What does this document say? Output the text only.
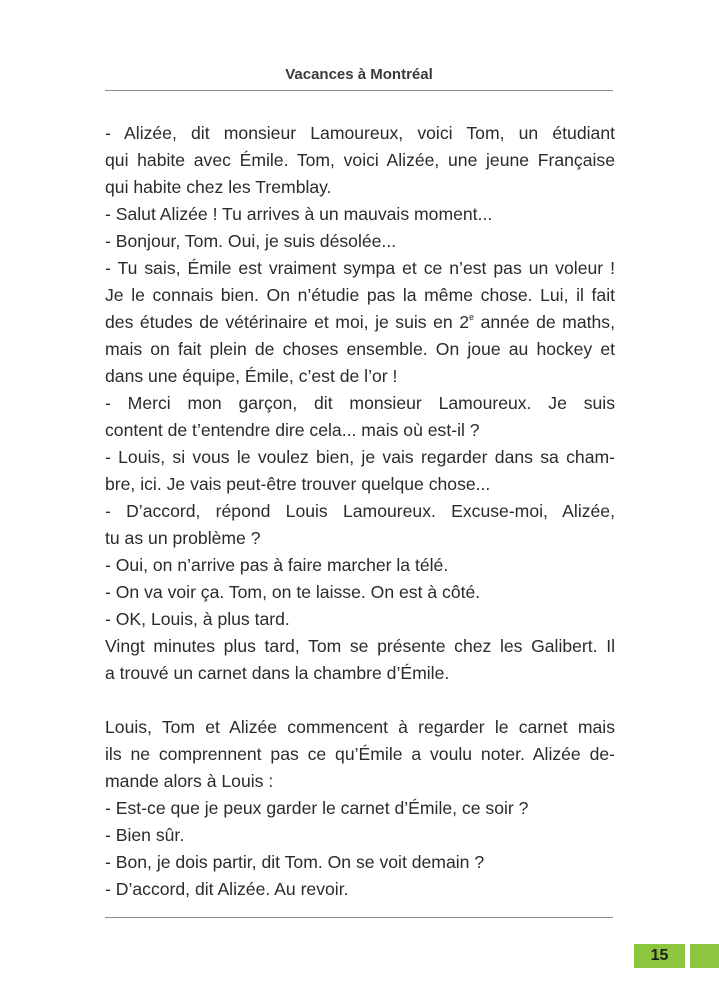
Vacances à Montréal
- Alizée, dit monsieur Lamoureux, voici Tom, un étudiant
qui habite avec Émile. Tom, voici Alizée, une jeune Française
qui habite chez les Tremblay.
- Salut Alizée ! Tu arrives à un mauvais moment...
- Bonjour, Tom. Oui, je suis désolée...
- Tu sais, Émile est vraiment sympa et ce n’est pas un voleur !
Je le connais bien. On n’étudie pas la même chose. Lui, il fait
des études de vétérinaire et moi, je suis en 2e année de maths,
mais on fait plein de choses ensemble. On joue au hockey et
dans une équipe, Émile, c’est de l’or !
- Merci mon garçon, dit monsieur Lamoureux. Je suis
content de t’entendre dire cela... mais où est-il ?
- Louis, si vous le voulez bien, je vais regarder dans sa cham-
bre, ici. Je vais peut-être trouver quelque chose...
- D’accord, répond Louis Lamoureux. Excuse-moi, Alizée,
tu as un problème ?
- Oui, on n’arrive pas à faire marcher la télé.
- On va voir ça. Tom, on te laisse. On est à côté.
- OK, Louis, à plus tard.
Vingt minutes plus tard, Tom se présente chez les Galibert. Il
a trouvé un carnet dans la chambre d’Émile.
Louis, Tom et Alizée commencent à regarder le carnet mais
ils ne comprennent pas ce qu’Émile a voulu noter. Alizée de-
mande alors à Louis :
- Est-ce que je peux garder le carnet d’Émile, ce soir ?
- Bien sûr.
- Bon, je dois partir, dit Tom. On se voit demain ?
- D’accord, dit Alizée. Au revoir.
15
